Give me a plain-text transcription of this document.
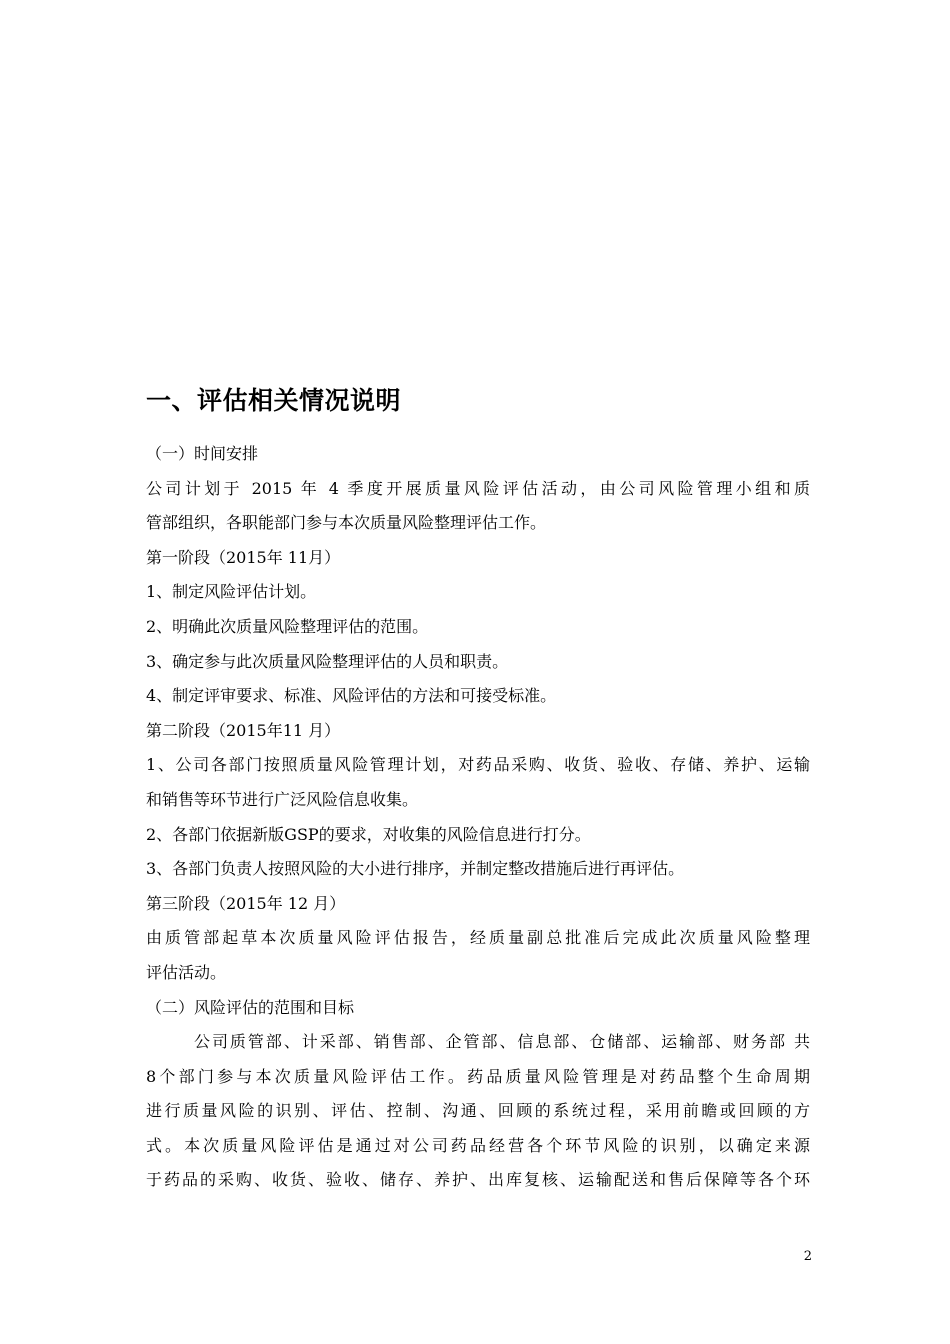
一、评估相关情况说明
（一）时间安排
公司计划于 2015 年 4 季度开展质量风险评估活动，由公司风险管理小组和质
管部组织，各职能部门参与本次质量风险整理评估工作。
第一阶段（2015年 11月）
1、制定风险评估计划。
2、明确此次质量风险整理评估的范围。
3、确定参与此次质量风险整理评估的人员和职责。
4、制定评审要求、标准、风险评估的方法和可接受标准。
第二阶段（2015年11 月）
1、公司各部门按照质量风险管理计划，对药品采购、收货、验收、存储、养护、运输
和销售等环节进行广泛风险信息收集。
2、各部门依据新版GSP的要求，对收集的风险信息进行打分。
3、各部门负责人按照风险的大小进行排序，并制定整改措施后进行再评估。
第三阶段（2015年 12 月）
由质管部起草本次质量风险评估报告，经质量副总批准后完成此次质量风险整理
评估活动。
（二）风险评估的范围和目标
公司质管部、计采部、销售部、企管部、信息部、仓储部、运输部、财务部 共
8个部门参与本次质量风险评估工作。药品质量风险管理是对药品整个生命周期
进行质量风险的识别、评估、控制、沟通、回顾的系统过程，采用前瞻或回顾的方
式。本次质量风险评估是通过对公司药品经营各个环节风险的识别，以确定来源
于药品的采购、收货、验收、储存、养护、出库复核、运输配送和售后保障等各个环
2
